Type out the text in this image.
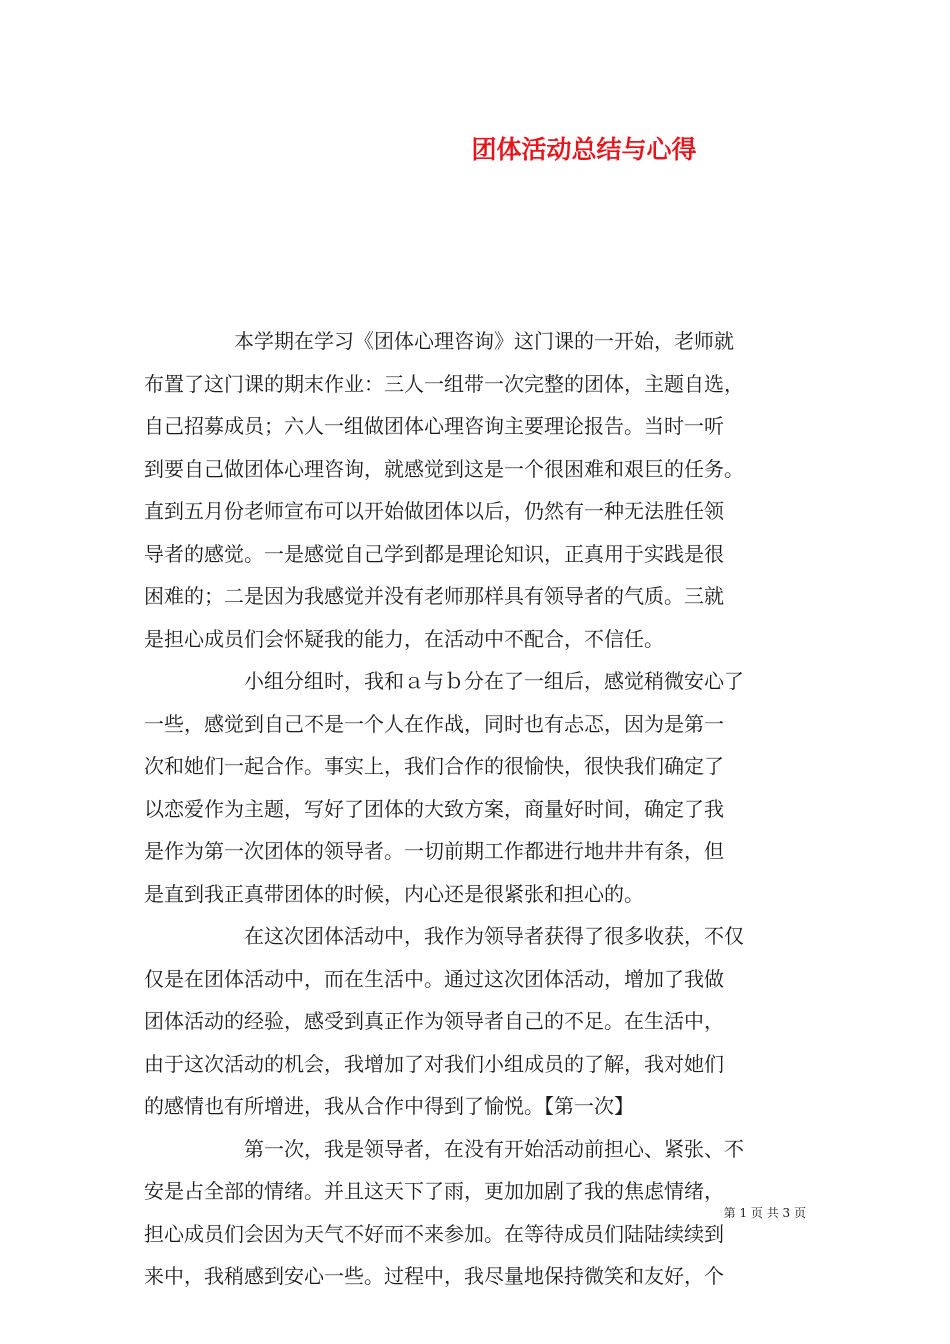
团体活动总结与心得
本学期在学习《团体心理咨询》这门课的一开始，老师就
布置了这门课的期末作业：三人一组带一次完整的团体，主题自选，
自己招募成员；六人一组做团体心理咨询主要理论报告。当时一听
到要自己做团体心理咨询，就感觉到这是一个很困难和艰巨的任务。
直到五月份老师宣布可以开始做团体以后，仍然有一种无法胜任领
导者的感觉。一是感觉自己学到都是理论知识，正真用于实践是很
困难的；二是因为我感觉并没有老师那样具有领导者的气质。三就
是担心成员们会怀疑我的能力，在活动中不配合，不信任。
小组分组时，我和ａ与ｂ分在了一组后，感觉稍微安心了
一些，感觉到自己不是一个人在作战，同时也有忐忑，因为是第一
次和她们一起合作。事实上，我们合作的很愉快，很快我们确定了
以恋爱作为主题，写好了团体的大致方案，商量好时间，确定了我
是作为第一次团体的领导者。一切前期工作都进行地井井有条，但
是直到我正真带团体的时候，内心还是很紧张和担心的。
在这次团体活动中，我作为领导者获得了很多收获，不仅
仅是在团体活动中，而在生活中。通过这次团体活动，增加了我做
团体活动的经验，感受到真正作为领导者自己的不足。在生活中，
由于这次活动的机会，我增加了对我们小组成员的了解，我对她们
的感情也有所增进，我从合作中得到了愉悦。【第一次】
第一次，我是领导者，在没有开始活动前担心、紧张、不
安是占全部的情绪。并且这天下了雨，更加加剧了我的焦虑情绪，
担心成员们会因为天气不好而不来参加。在等待成员们陆陆续续到
来中，我稍感到安心一些。过程中，我尽量地保持微笑和友好，个
第 1 页 共 3 页
